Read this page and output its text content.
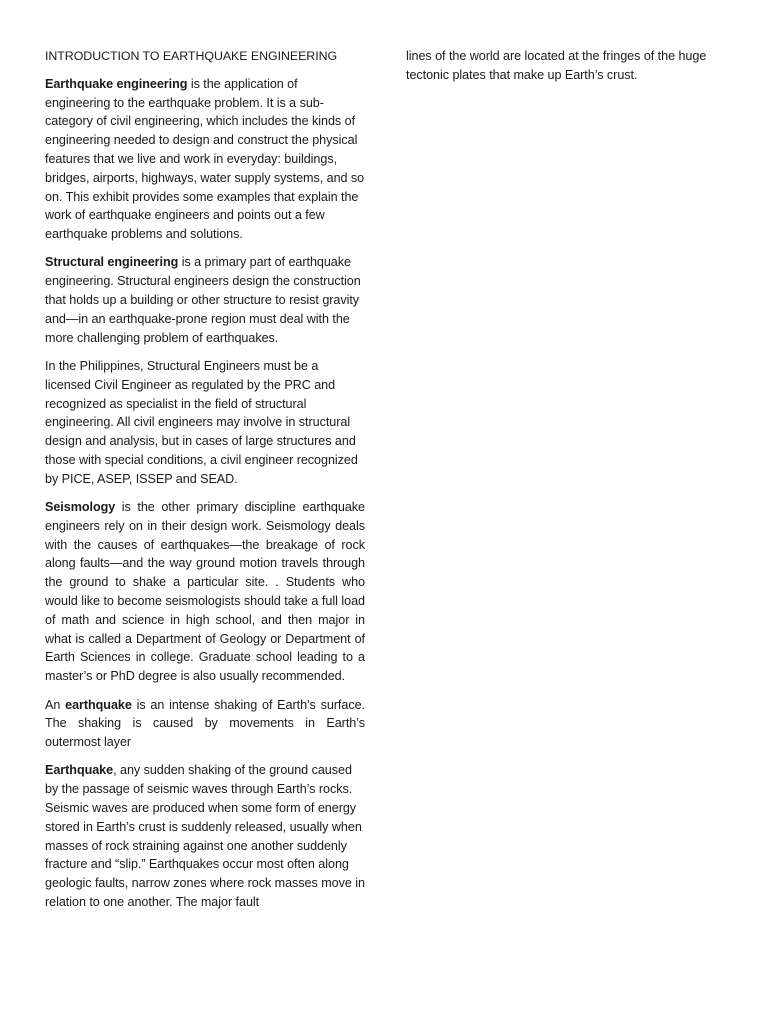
INTRODUCTION TO EARTHQUAKE ENGINEERING

Earthquake engineering is the application of engineering to the earthquake problem. It is a sub-category of civil engineering, which includes the kinds of engineering needed to design and construct the physical features that we live and work in everyday: buildings, bridges, airports, highways, water supply systems, and so on. This exhibit provides some examples that explain the work of earthquake engineers and points out a few earthquake problems and solutions.

Structural engineering is a primary part of earthquake engineering. Structural engineers design the construction that holds up a building or other structure to resist gravity and—in an earthquake-prone region must deal with the more challenging problem of earthquakes.

In the Philippines, Structural Engineers must be a licensed Civil Engineer as regulated by the PRC and recognized as specialist in the field of structural engineering. All civil engineers may involve in structural design and analysis, but in cases of large structures and those with special conditions, a civil engineer recognized by PICE, ASEP, ISSEP and SEAD.

Seismology is the other primary discipline earthquake engineers rely on in their design work. Seismology deals with the causes of earthquakes—the breakage of rock along faults—and the way ground motion travels through the ground to shake a particular site. . Students who would like to become seismologists should take a full load of math and science in high school, and then major in what is called a Department of Geology or Department of Earth Sciences in college. Graduate school leading to a master’s or PhD degree is also usually recommended.

An earthquake is an intense shaking of Earth’s surface. The shaking is caused by movements in Earth’s outermost layer

Earthquake, any sudden shaking of the ground caused by the passage of seismic waves through Earth’s rocks. Seismic waves are produced when some form of energy stored in Earth’s crust is suddenly released, usually when masses of rock straining against one another suddenly fracture and “slip.” Earthquakes occur most often along geologic faults, narrow zones where rock masses move in relation to one another. The major fault

lines of the world are located at the fringes of the huge tectonic plates that make up Earth’s crust.
